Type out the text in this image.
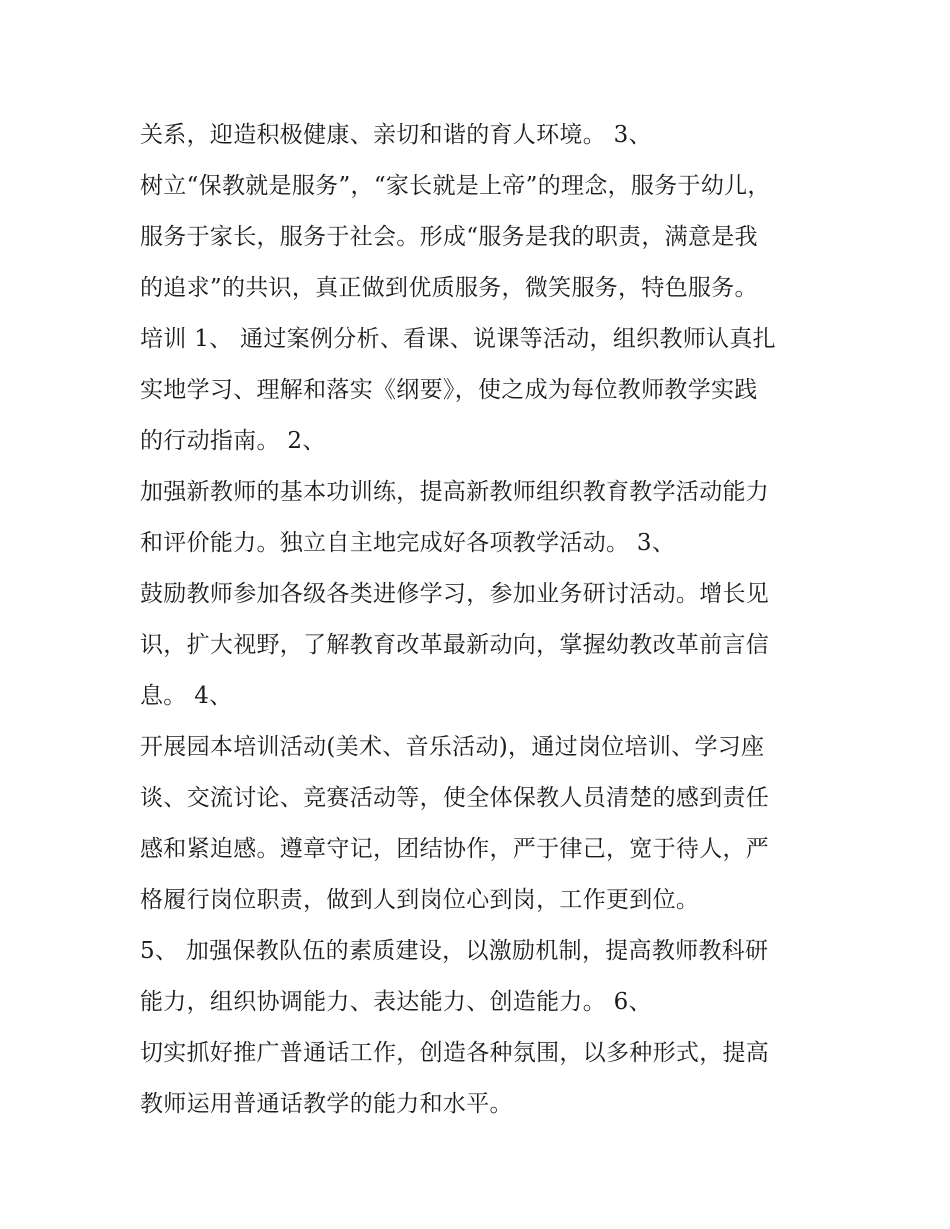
关系，迎造积极健康、亲切和谐的育人环境。 3、
树立“保教就是服务”，“家长就是上帝”的理念，服务于幼儿，
服务于家长，服务于社会。形成“服务是我的职责，满意是我
的追求”的共识，真正做到优质服务，微笑服务，特色服务。
培训 1、 通过案例分析、看课、说课等活动，组织教师认真扎
实地学习、理解和落实《纲要》，使之成为每位教师教学实践
的行动指南。 2、
加强新教师的基本功训练，提高新教师组织教育教学活动能力
和评价能力。独立自主地完成好各项教学活动。 3、
鼓励教师参加各级各类进修学习，参加业务研讨活动。增长见
识，扩大视野，了解教育改革最新动向，掌握幼教改革前言信
息。 4、
开展园本培训活动(美术、音乐活动)，通过岗位培训、学习座
谈、交流讨论、竞赛活动等，使全体保教人员清楚的感到责任
感和紧迫感。遵章守记，团结协作，严于律己，宽于待人，严
格履行岗位职责，做到人到岗位心到岗，工作更到位。
5、 加强保教队伍的素质建设，以激励机制，提高教师教科研
能力，组织协调能力、表达能力、创造能力。 6、
切实抓好推广普通话工作，创造各种氛围，以多种形式，提高
教师运用普通话教学的能力和水平。
